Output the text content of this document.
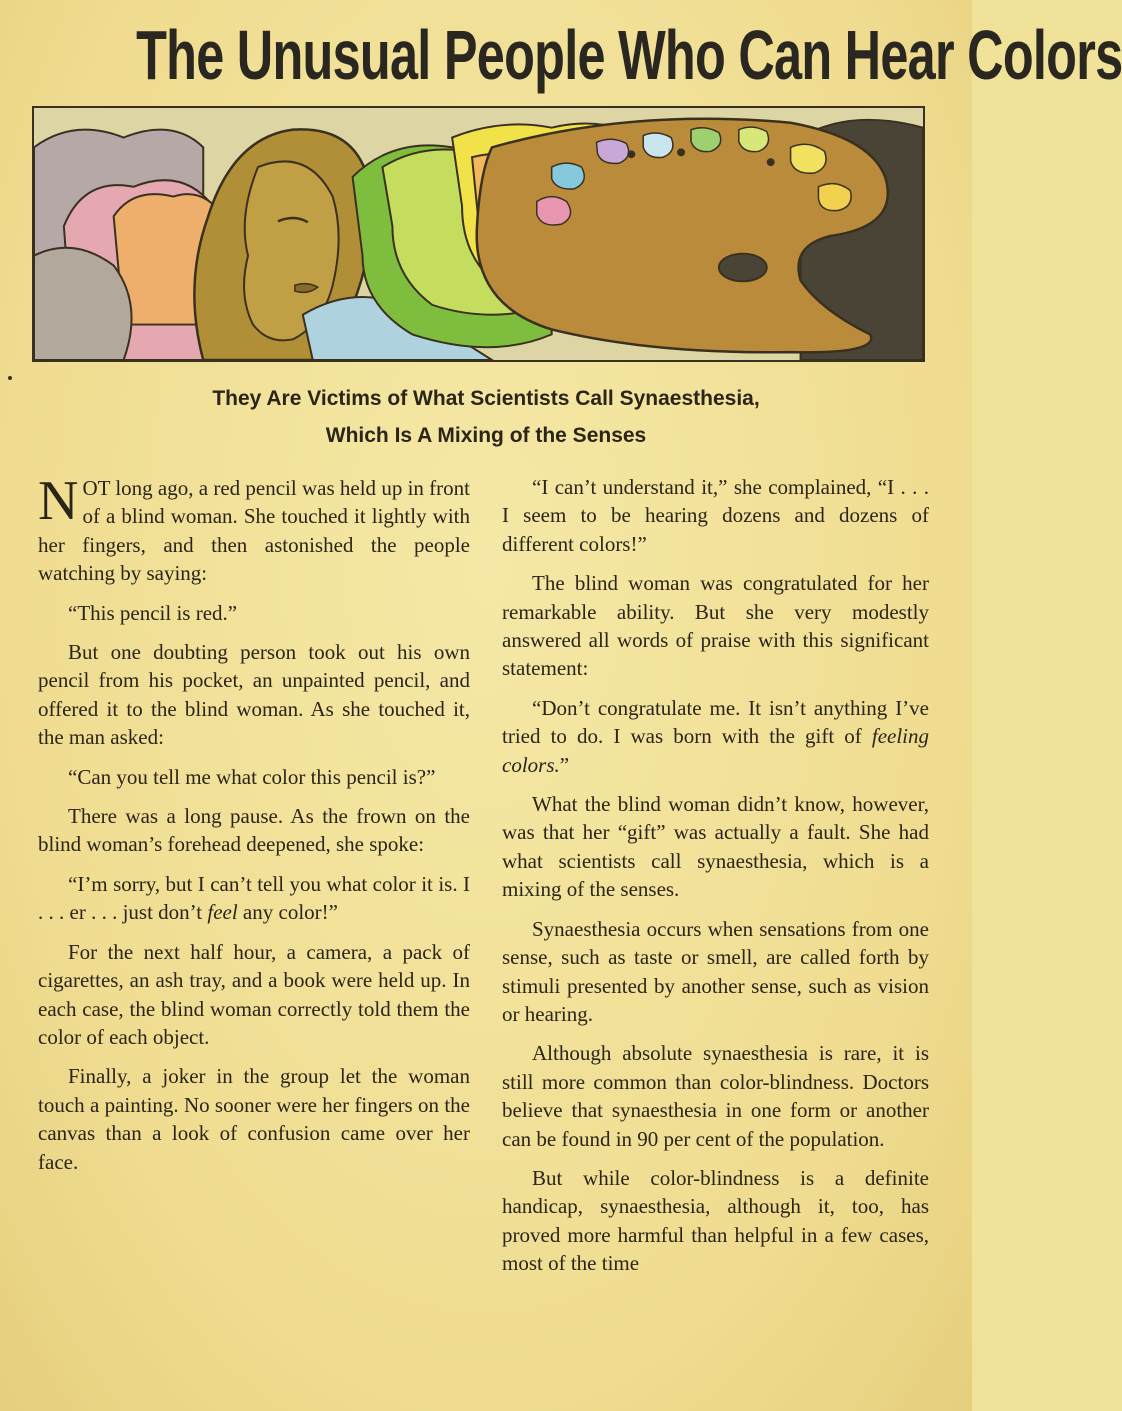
The Unusual People Who Can Hear Colors
They Are Victims of What Scientists Call Synaesthesia,
Which Is A Mixing of the Senses

NOT long ago, a red pencil was held up in front of a blind woman. She touched it lightly with her fingers, and then astonished the people watching by saying:

“This pencil is red.”

But one doubting person took out his own pencil from his pocket, an unpainted pencil, and offered it to the blind woman. As she touched it, the man asked:

“Can you tell me what color this pencil is?”

There was a long pause. As the frown on the blind woman’s forehead deepened, she spoke:

“I’m sorry, but I can’t tell you what color it is. I . . . er . . . just don’t feel any color!”

For the next half hour, a camera, a pack of cigarettes, an ash tray, and a book were held up. In each case, the blind woman correctly told them the color of each object.

Finally, a joker in the group let the woman touch a painting. No sooner were her fingers on the canvas than a look of confusion came over her face.

“I can’t understand it,” she complained, “I . . . I seem to be hearing dozens and dozens of different colors!”

The blind woman was congratulated for her remarkable ability. But she very modestly answered all words of praise with this significant statement:

“Don’t congratulate me. It isn’t anything I’ve tried to do. I was born with the gift of feeling colors.”

What the blind woman didn’t know, however, was that her “gift” was actually a fault. She had what scientists call synaesthesia, which is a mixing of the senses.

Synaesthesia occurs when sensations from one sense, such as taste or smell, are called forth by stimuli presented by another sense, such as vision or hearing.

Although absolute synaesthesia is rare, it is still more common than color-blindness. Doctors believe that synaesthesia in one form or another can be found in 90 per cent of the population.

But while color-blindness is a definite handicap, synaesthesia, although it, too, has proved more harmful than helpful in a few cases, most of the time
